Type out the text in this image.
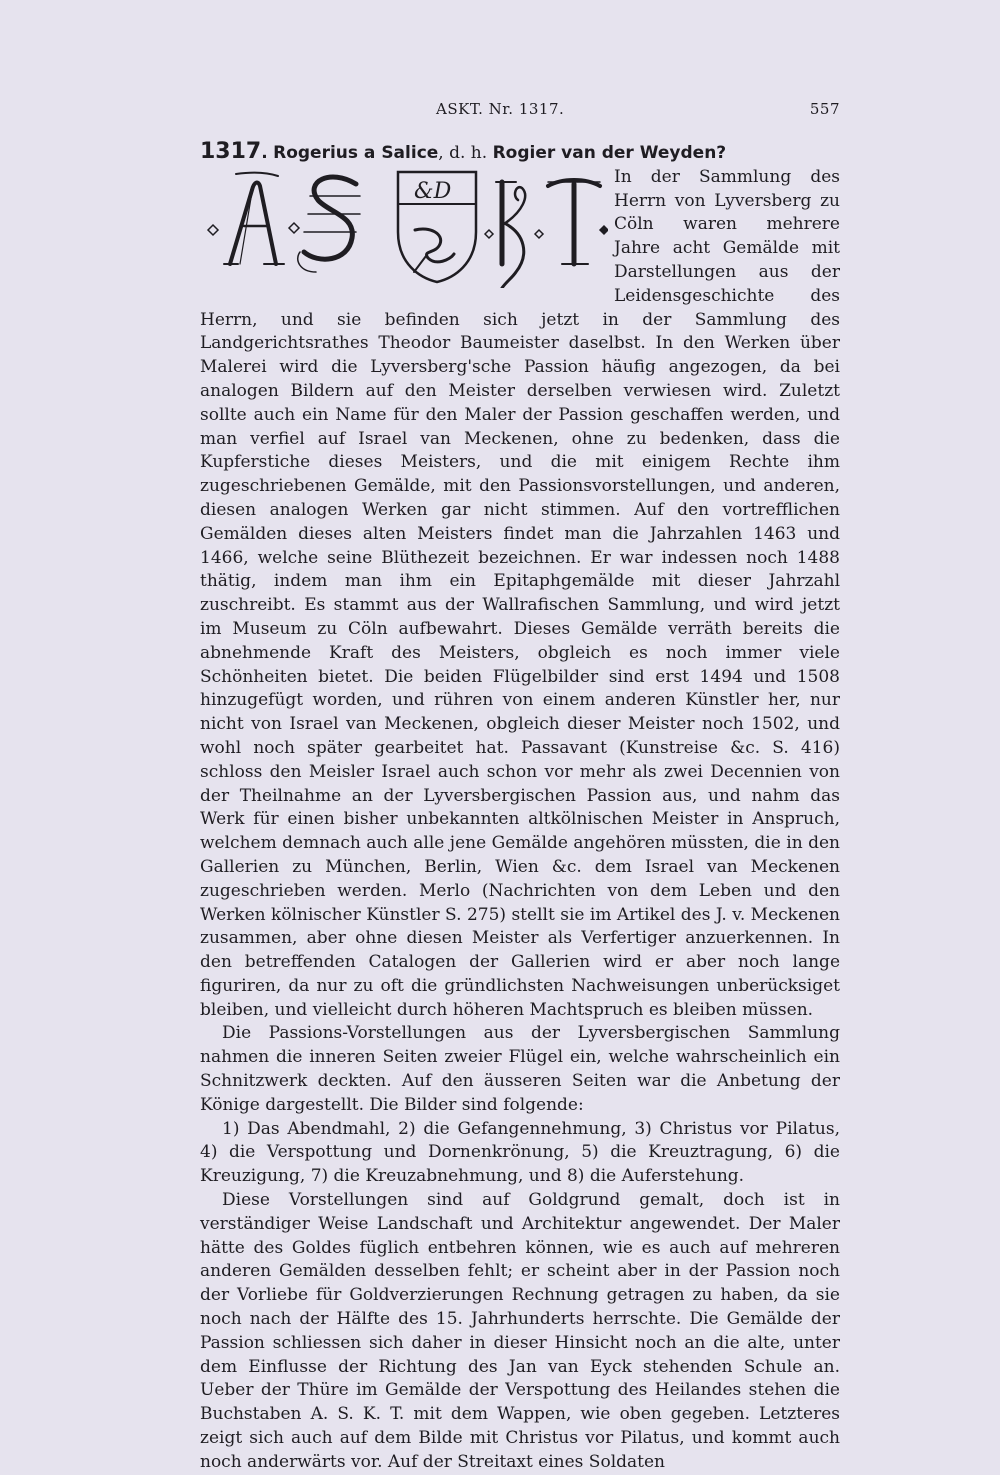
ASKT. Nr. 1317.	557

1317. Rogerius a Salice, d. h. Rogier van der Weyden?

&D

In der Sammlung des Herrn von Lyversberg zu Cöln waren mehrere Jahre acht Gemälde mit Darstellungen aus der Leidensgeschichte des Herrn, und sie befinden sich jetzt in der Sammlung des Landgerichtsrathes Theodor Baumeister daselbst. In den Werken über Malerei wird die Lyversberg'sche Passion häufig angezogen, da bei analogen Bildern auf den Meister derselben verwiesen wird. Zuletzt sollte auch ein Name für den Maler der Passion geschaffen werden, und man verfiel auf Israel van Meckenen, ohne zu bedenken, dass die Kupferstiche dieses Meisters, und die mit einigem Rechte ihm zugeschriebenen Gemälde, mit den Passionsvorstellungen, und anderen, diesen analogen Werken gar nicht stimmen. Auf den vortrefflichen Gemälden dieses alten Meisters findet man die Jahrzahlen 1463 und 1466, welche seine Blüthezeit bezeichnen. Er war indessen noch 1488 thätig, indem man ihm ein Epitaphgemälde mit dieser Jahrzahl zuschreibt. Es stammt aus der Wallrafischen Sammlung, und wird jetzt im Museum zu Cöln aufbewahrt. Dieses Gemälde verräth bereits die abnehmende Kraft des Meisters, obgleich es noch immer viele Schönheiten bietet. Die beiden Flügelbilder sind erst 1494 und 1508 hinzugefügt worden, und rühren von einem anderen Künstler her, nur nicht von Israel van Meckenen, obgleich dieser Meister noch 1502, und wohl noch später gearbeitet hat. Passavant (Kunstreise &c. S. 416) schloss den Meisler Israel auch schon vor mehr als zwei Decennien von der Theilnahme an der Lyversbergischen Passion aus, und nahm das Werk für einen bisher unbekannten altkölnischen Meister in Anspruch, welchem demnach auch alle jene Gemälde angehören müssten, die in den Gallerien zu München, Berlin, Wien &c. dem Israel van Meckenen zugeschrieben werden. Merlo (Nachrichten von dem Leben und den Werken kölnischer Künstler S. 275) stellt sie im Artikel des J. v. Meckenen zusammen, aber ohne diesen Meister als Verfertiger anzuerkennen. In den betreffenden Catalogen der Gallerien wird er aber noch lange figuriren, da nur zu oft die gründlichsten Nachweisungen unberücksiget bleiben, und vielleicht durch höheren Machtspruch es bleiben müssen.

Die Passions-Vorstellungen aus der Lyversbergischen Sammlung nahmen die inneren Seiten zweier Flügel ein, welche wahrscheinlich ein Schnitzwerk deckten. Auf den äusseren Seiten war die Anbetung der Könige dargestellt. Die Bilder sind folgende:

1) Das Abendmahl, 2) die Gefangennehmung, 3) Christus vor Pilatus, 4) die Verspottung und Dornenkrönung, 5) die Kreuztragung, 6) die Kreuzigung, 7) die Kreuzabnehmung, und 8) die Auferstehung.

Diese Vorstellungen sind auf Goldgrund gemalt, doch ist in verständiger Weise Landschaft und Architektur angewendet. Der Maler hätte des Goldes füglich entbehren können, wie es auch auf mehreren anderen Gemälden desselben fehlt; er scheint aber in der Passion noch der Vorliebe für Goldverzierungen Rechnung getragen zu haben, da sie noch nach der Hälfte des 15. Jahrhunderts herrschte. Die Gemälde der Passion schliessen sich daher in dieser Hinsicht noch an die alte, unter dem Einflusse der Richtung des Jan van Eyck stehenden Schule an. Ueber der Thüre im Gemälde der Verspottung des Heilandes stehen die Buchstaben A. S. K. T. mit dem Wappen, wie oben gegeben. Letzteres zeigt sich auch auf dem Bilde mit Christus vor Pilatus, und kommt auch noch anderwärts vor. Auf der Streitaxt eines Soldaten
